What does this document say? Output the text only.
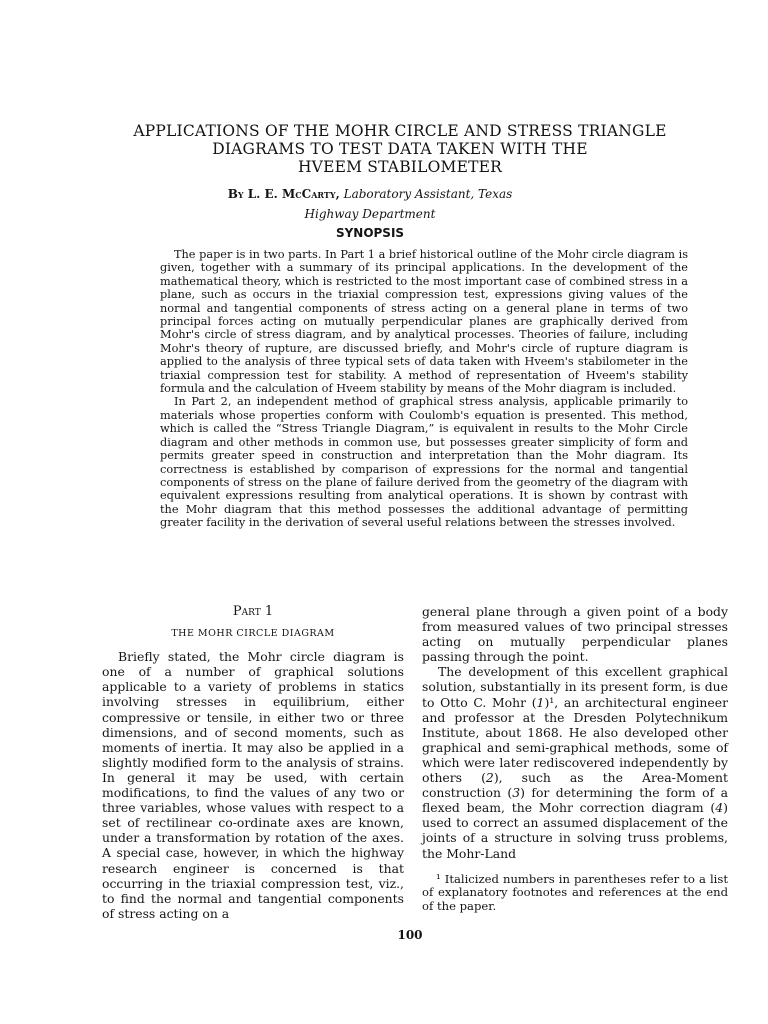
APPLICATIONS OF THE MOHR CIRCLE AND STRESS TRIANGLE
DIAGRAMS TO TEST DATA TAKEN WITH THE
HVEEM STABILOMETER
By L. E. McCarty, Laboratory Assistant, Texas
Highway Department
SYNOPSIS

The paper is in two parts. In Part 1 a brief historical outline of the Mohr circle diagram is given, together with a summary of its principal applications. In the development of the mathematical theory, which is restricted to the most important case of combined stress in a plane, such as occurs in the triaxial compression test, expressions giving values of the normal and tangential components of stress acting on a general plane in terms of two principal forces acting on mutually perpendicular planes are graphically derived from Mohr's circle of stress diagram, and by analytical processes. Theories of failure, including Mohr's theory of rupture, are discussed briefly, and Mohr's circle of rupture diagram is applied to the analysis of three typical sets of data taken with Hveem's stabilometer in the triaxial compression test for stability. A method of representation of Hveem's stability formula and the calculation of Hveem stability by means of the Mohr diagram is included.

In Part 2, an independent method of graphical stress analysis, applicable primarily to materials whose properties conform with Coulomb's equation is presented. This method, which is called the “Stress Triangle Diagram,” is equivalent in results to the Mohr Circle diagram and other methods in common use, but possesses greater simplicity of form and permits greater speed in construction and interpretation than the Mohr diagram. Its correctness is established by comparison of expressions for the normal and tangential components of stress on the plane of failure derived from the geometry of the diagram with equivalent expressions resulting from analytical operations. It is shown by contrast with the Mohr diagram that this method possesses the additional advantage of permitting greater facility in the derivation of several useful relations between the stresses involved.

Part 1
THE MOHR CIRCLE DIAGRAM

Briefly stated, the Mohr circle diagram is one of a number of graphical solutions applicable to a variety of problems in statics involving stresses in equilibrium, either compressive or tensile, in either two or three dimensions, and of second moments, such as moments of inertia. It may also be applied in a slightly modified form to the analysis of strains. In general it may be used, with certain modifications, to find the values of any two or three variables, whose values with respect to a set of rectilinear co-ordinate axes are known, under a transformation by rotation of the axes. A special case, however, in which the highway research engineer is concerned is that occurring in the triaxial compression test, viz., to find the normal and tangential components of stress acting on a

general plane through a given point of a body from measured values of two principal stresses acting on mutually perpendicular planes passing through the point.

The development of this excellent graphical solution, substantially in its present form, is due to Otto C. Mohr (1)¹, an architectural engineer and professor at the Dresden Polytechnikum Institute, about 1868. He also developed other graphical and semi-graphical methods, some of which were later rediscovered independently by others (2), such as the Area-Moment construction (3) for determining the form of a flexed beam, the Mohr correction diagram (4) used to correct an assumed displacement of the joints of a structure in solving truss problems, the Mohr-Land

¹ Italicized numbers in parentheses refer to a list of explanatory footnotes and references at the end of the paper.

100
